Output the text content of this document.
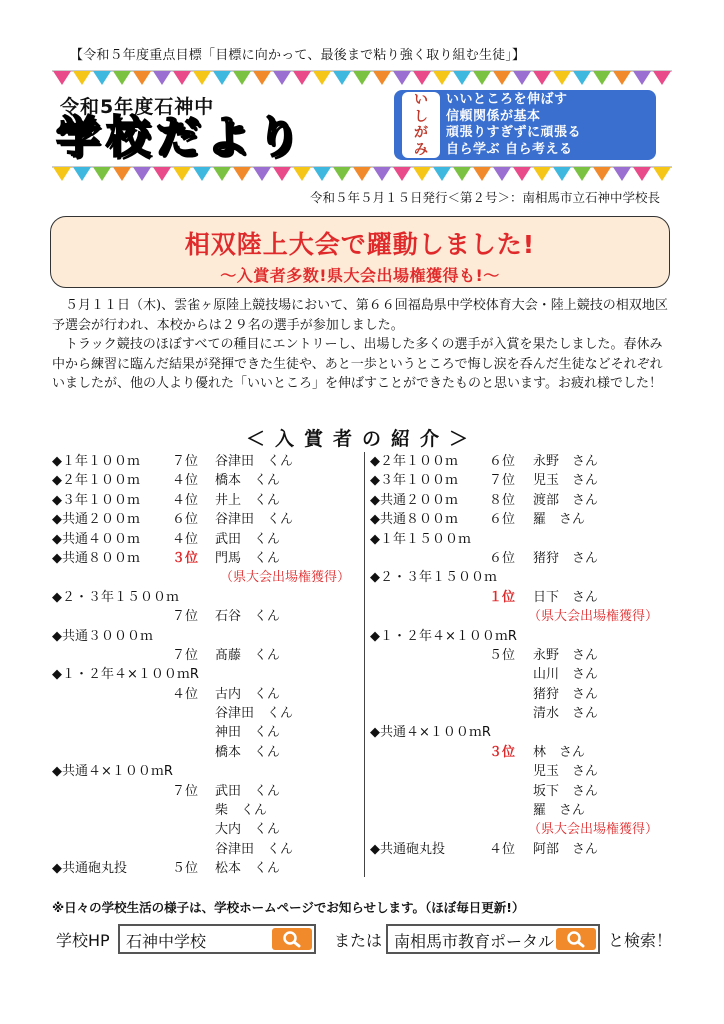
【令和５年度重点目標「目標に向かって、最後まで粘り強く取り組む生徒」】
令和5年度石神中
学校だより
い
し
が
み
いいところを伸ばす
信頼関係が基本
頑張りすぎずに頑張る
自ら学ぶ 自ら考える
令和５年５月１５日発行＜第２号＞：南相馬市立石神中学校長
相双陸上大会で躍動しました!
～入賞者多数!県大会出場権獲得も!～

５月１１日（木)、雲雀ヶ原陸上競技場において、第６６回福島県中学校体育大会・陸上競技の相双地区予選会が行われ、本校からは２９名の選手が参加しました。

トラック競技のほぼすべての種目にエントリーし、出場した多くの選手が入賞を果たしました。春休み中から練習に臨んだ結果が発揮できた生徒や、あと一歩というところで悔し涙を呑んだ生徒などそれぞれいましたが、他の人より優れた「いいところ」を伸ばすことができたものと思います。お疲れ様でした！

＜入賞者の紹介＞
◆１年１００ｍ ７位 谷津田　くん
◆２年１００ｍ ４位 橋本　くん
◆３年１００ｍ ４位 井上　くん
◆共通２００ｍ ６位 谷津田　くん
◆共通４００ｍ ４位 武田　くん
◆共通８００ｍ ３位 門馬　くん
（県大会出場権獲得）
◆２・３年１５００ｍ
７位 石谷　くん
◆共通３０００ｍ
７位 髙藤　くん
◆１・２年４×１００ｍR
４位 古内　くん
谷津田　くん
神田　くん
橋本　くん
◆共通４×１００ｍR
７位 武田　くん
柴　くん
大内　くん
谷津田　くん
◆共通砲丸投	５位 松本　くん
◆２年１００ｍ ６位 永野　さん
◆３年１００ｍ ７位 児玉　さん
◆共通２００ｍ ８位 渡部　さん
◆共通８００ｍ ６位 羅　さん
◆１年１５００ｍ
６位 猪狩　さん
◆２・３年１５００ｍ
１位 日下　さん
（県大会出場権獲得）
◆１・２年４×１００ｍR
５位 永野　さん
山川　さん
猪狩　さん
清水　さん
◆共通４×１００ｍR
３位 林　さん
児玉　さん
坂下　さん
羅　さん
（県大会出場権獲得）
◆共通砲丸投	４位 阿部　さん
※日々の学校生活の様子は、学校ホームページでお知らせします。（ほぼ毎日更新!）
学校HP 石神中学校	または 南相馬市教育ポータル	と検索！
